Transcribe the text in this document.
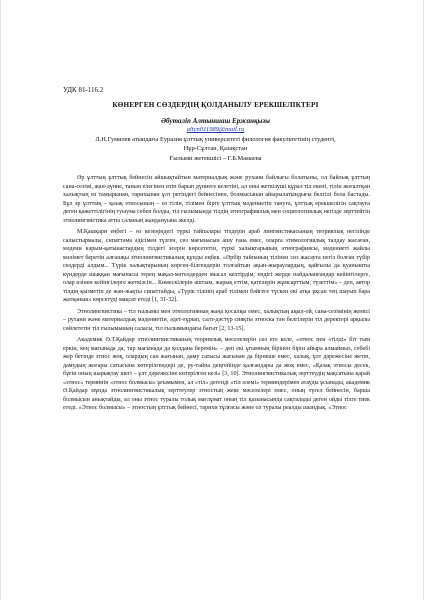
УДК 81-116.2
КӨНЕРГЕН СӨЗДЕРДІҢ ҚОЛДАНЫЛУ ЕРЕКШЕЛІКТЕРІ
Әбуталіп Алтыншаш Ержанқызы
altyn011989@mail.ru
Л.Н.Гумилев атындағы Еуразия ұлттық университеті филология факультетінің студенті,
Нұр-Сұлтан, Қазақстан
Ғылыми жетекшісі – Г.Б.Мамаева

Әр ұлттың ұлттық бейнесін айшықтайтын материалдық және рухани байлығы болатыны, ол байлық ұлттың сана-сезімі, жан-дүние, танып елегінен өтіп барып дүниеге келетіні, ал оны жеткізуші құрал тіл екені, тілін жоғалтқан халықтың өз тамырынан, тарихынан ұлт ретіндегі бейнесінен, болмысынан айырылатындығы белгілі бола бастады. Бұл әр ұлттың – қазақ этносының – өз тілін, тілімен бірге ұлттық мәдениетін тануға, ұлттық ерекшелігін сақтауға деген қажеттілігінің туыума себеп болды, тіл ғылымында тілдің этнографиялық мен социологиялық негізде зерттейтін этнолингвистика атты саланың жандануына әкелді.

М.Қашқари еңбегі – өз кезеңіндегі түркі тайпалары тіхдерін араб лингвистикасының теориялық негізінде салыстырмалы, сипаттама әдісімен түзген, сөз мағынасын ашу ғана емес, оларға этимологиялық талдау жасаған, мәдени кәрым-қатынастардың тілдегі әсерін көрсететін, түркі халықтарының этнографиясы, мәдениеті жайлы мәлімет беретін алғашқы этнолингвистикалық құнды еңбек. «Әрбір тайпаның тілінен сөз жасауға негіз болған түбір сөздерді алдым... Түрік халықтарының көрген-білгендерін толғайтын ақын-жыраулардың, қайғылы да қуанышты күндерде шыққан мағынасы терең мақал-мәтелдерден мысал келтірдім, ендігі жерде пайдаланғандар кейінгілерге, олар өзінен кейінгілерге жеткізсін... Көмескілерін аштым, жарық еттім, қателерін жұмсарттым, түзеттім» – деп, автор тілдің қызметін де жан-жақты сипаттайды, «Түрік тілінің араб тілімен бәйгеге түскен екі атқа ұқсап тең шауып бара жатқанын» көрсетуді мақсат етеді [1, 31-32].

Этнолингвистика – тіл ғылымы мен этнологияның жаңа қосалқы емес, халықтың ақыл-ой, сана-сезімінің жемісі – рухани және материалдық мәдениетін, әдет-ғұрып, салт-дәстүр сияқты этноска тән белгілерін тіл деректері арқылы сөйлететін тіл ғылымының саласы, тіл ғылымындағы бағыт [2, 13-15].

Академик Ә.Т.Қайдар этнолингвистиканың теориялық мәселелерін сөз ете келе, «этнос пен «тілді» біт тым еркін, кең мағынада да, тар мағынада да қолдана беремін» – деп екі ұғымның бірінен бірін айыра алмаймыз, себебі жер бетінде этнос жоқ, олардың сан жағынан, даму сатысы жағынан да бірнеше емес, халық, ұлт дәрежесіне жетіп, дамудың жоғары сатысына көтерілгендері де, ру-тайпа деңгейінде қалғандары да жоқ емес, «Қазақ этносы десек, бұғін оның шарықтау шегі – ұлт дәрежесіне көтерілген кезі» [3, 10]. Этнолингвистикалық зерттеудің мақсатына қарай «этнос» терминін «этнос болмысы» ұғымымен, ал «тіл» дегенді «тіл әлемі» терминдерімен атауды ұсынады, академик Ә.Қайдар мұнда этнолингвистикалық зерттеулер этностың жеке мәселелері емес, оның түгел бейнесін, барша болмысын анықтайды, ал оны этнос туралы толық мағлұмат оның тіл қазынасында сақталады деген ойды тілге тиек етеді. «Этнос болмысы» – этностың ұлттық бейнесі, тарихи тұлғасы және ол туралы реалды шындық. «Этнос
